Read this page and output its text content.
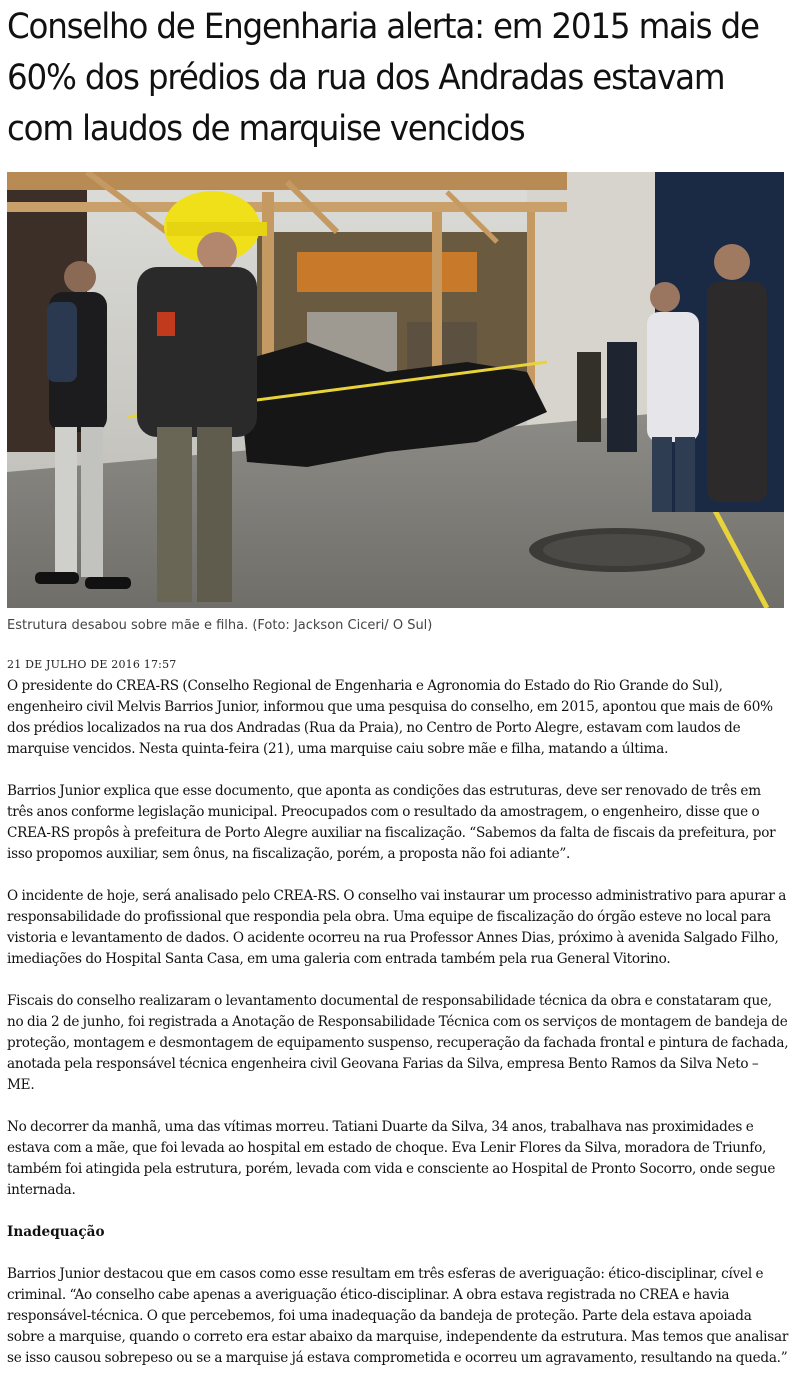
Conselho de Engenharia alerta: em 2015 mais de 60% dos prédios da rua dos Andradas estavam com laudos de marquise vencidos
Estrutura desabou sobre mãe e filha. (Foto: Jackson Ciceri/ O Sul)
21 DE JULHO DE 2016 17:57

O presidente do CREA-RS (Conselho Regional de Engenharia e Agronomia do Estado do Rio Grande do Sul), engenheiro civil Melvis Barrios Junior, informou que uma pesquisa do conselho, em 2015, apontou que mais de 60% dos prédios localizados na rua dos Andradas (Rua da Praia), no Centro de Porto Alegre, estavam com laudos de marquise vencidos. Nesta quinta-feira (21), uma marquise caiu sobre mãe e filha, matando a última.

Barrios Junior explica que esse documento, que aponta as condições das estruturas, deve ser renovado de três em três anos conforme legislação municipal. Preocupados com o resultado da amostragem, o engenheiro, disse que o CREA-RS propôs à prefeitura de Porto Alegre auxiliar na fiscalização. “Sabemos da falta de fiscais da prefeitura, por isso propomos auxiliar, sem ônus, na fiscalização, porém, a proposta não foi adiante”.

O incidente de hoje, será analisado pelo CREA-RS. O conselho vai instaurar um processo administrativo para apurar a responsabilidade do profissional que respondia pela obra. Uma equipe de fiscalização do órgão esteve no local para vistoria e levantamento de dados. O acidente ocorreu na rua Professor Annes Dias, próximo à avenida Salgado Filho, imediações do Hospital Santa Casa, em uma galeria com entrada também pela rua General Vitorino.

Fiscais do conselho realizaram o levantamento documental de responsabilidade técnica da obra e constataram que, no dia 2 de junho, foi registrada a Anotação de Responsabilidade Técnica com os serviços de montagem de bandeja de proteção, montagem e desmontagem de equipamento suspenso, recuperação da fachada frontal e pintura de fachada, anotada pela responsável técnica engenheira civil Geovana Farias da Silva, empresa Bento Ramos da Silva Neto – ME.

No decorrer da manhã, uma das vítimas morreu. Tatiani Duarte da Silva, 34 anos, trabalhava nas proximidades e estava com a mãe, que foi levada ao hospital em estado de choque. Eva Lenir Flores da Silva, moradora de Triunfo, também foi atingida pela estrutura, porém, levada com vida e consciente ao Hospital de Pronto Socorro, onde segue internada.

Inadequação

Barrios Junior destacou que em casos como esse resultam em três esferas de averiguação: ético-disciplinar, cível e criminal. “Ao conselho cabe apenas a averiguação ético-disciplinar. A obra estava registrada no CREA e havia responsável-técnica. O que percebemos, foi uma inadequação da bandeja de proteção. Parte dela estava apoiada sobre a marquise, quando o correto era estar abaixo da marquise, independente da estrutura. Mas temos que analisar se isso causou sobrepeso ou se a marquise já estava comprometida e ocorreu um agravamento, resultando na queda.”
